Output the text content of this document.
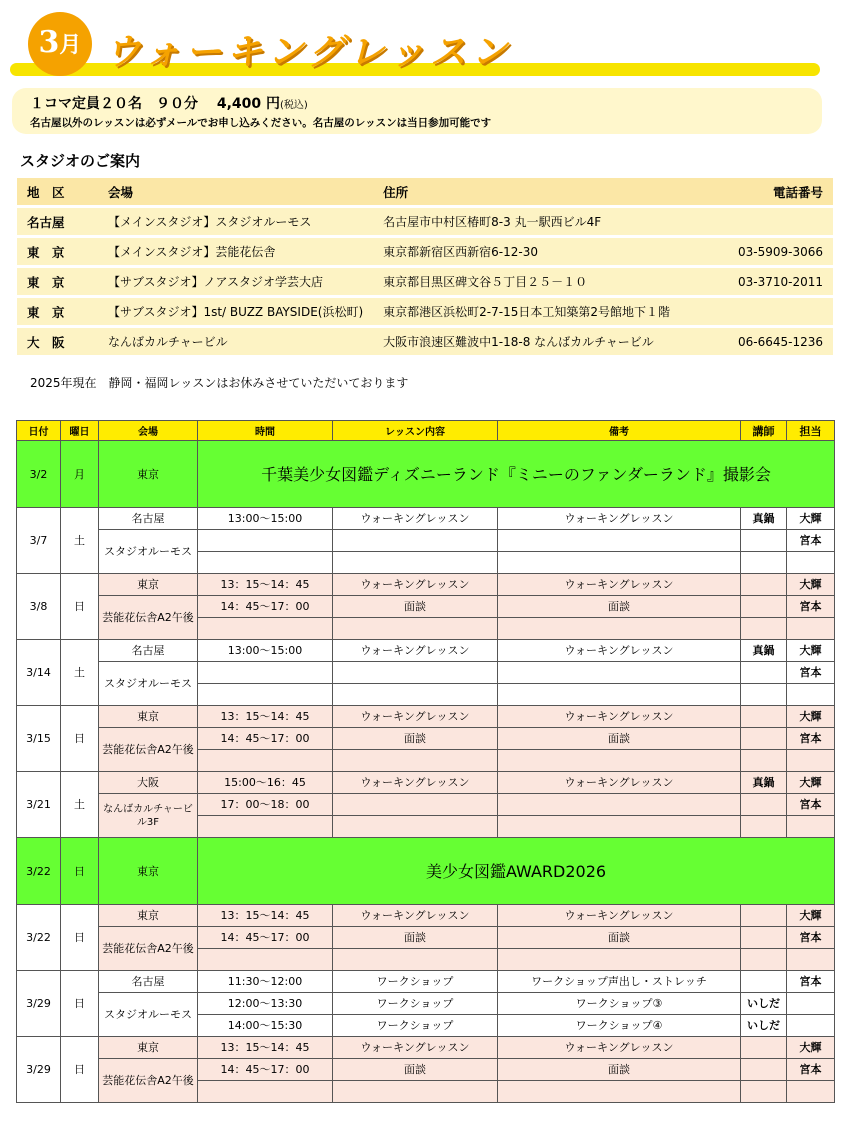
3月 ウォーキングレッスン
１コマ定員２０名　９０分　 4,400 円(税込)
名古屋以外のレッスンは必ずメールでお申し込みください。名古屋のレッスンは当日参加可能です
スタジオのご案内
地　区	会場	住所	電話番号
名古屋	【メインスタジオ】スタジオルーモス	名古屋市中村区椿町8-3 丸一駅西ビル4F	
東　京	【メインスタジオ】芸能花伝舎	東京都新宿区西新宿6-12-30	03-5909-3066
東　京	【サブスタジオ】ノアスタジオ学芸大店	東京都目黒区碑文谷５丁目２５－１０	03-3710-2011
東　京	【サブスタジオ】1st/ BUZZ BAYSIDE(浜松町)	東京都港区浜松町2-7-15日本工知築第2号館地下１階	
大　阪	なんばカルチャービル	大阪市浪速区難波中1-18-8 なんばカルチャービル	06-6645-1236
2025年現在　静岡・福岡レッスンはお休みさせていただいております
日付	曜日	会場	時間	レッスン内容	備考	講師	担当
3/2	月	東京	千葉美少女図鑑ディズニーランド『ミニーのファンダーランド』撮影会				
3/7	土	名古屋	13:00〜15:00	ウォーキングレッスン	ウォーキングレッスン	真鍋	大輝
		スタジオルーモス					宮本

3/8	日	東京	13：15〜14：45	ウォーキングレッスン	ウォーキングレッスン		大輝
		芸能花伝舎A2午後	14：45〜17：00	面談	面談		宮本

3/14	土	名古屋	13:00〜15:00	ウォーキングレッスン	ウォーキングレッスン	真鍋	大輝
		スタジオルーモス					宮本

3/15	日	東京	13：15〜14：45	ウォーキングレッスン	ウォーキングレッスン		大輝
		芸能花伝舎A2午後	14：45〜17：00	面談	面談		宮本

3/21	土	大阪	15:00〜16：45	ウォーキングレッスン	ウォーキングレッスン	真鍋	大輝
		なんばカルチャービル3F	17：00〜18：00				宮本

3/22	日	東京	美少女図鑑AWARD2026				
3/22	日	東京	13：15〜14：45	ウォーキングレッスン	ウォーキングレッスン		大輝
		芸能花伝舎A2午後	14：45〜17：00	面談	面談		宮本

3/29	日	名古屋	11:30〜12:00	ワークショップ	ワークショップ声出し・ストレッチ		宮本
		スタジオルーモス	12:00〜13:30	ワークショップ	ワークショップ③	いしだ	
			14:00〜15:30	ワークショップ	ワークショップ④	いしだ	
3/29	日	東京	13：15〜14：45	ウォーキングレッスン	ウォーキングレッスン		大輝
		芸能花伝舎A2午後	14：45〜17：00	面談	面談		宮本
